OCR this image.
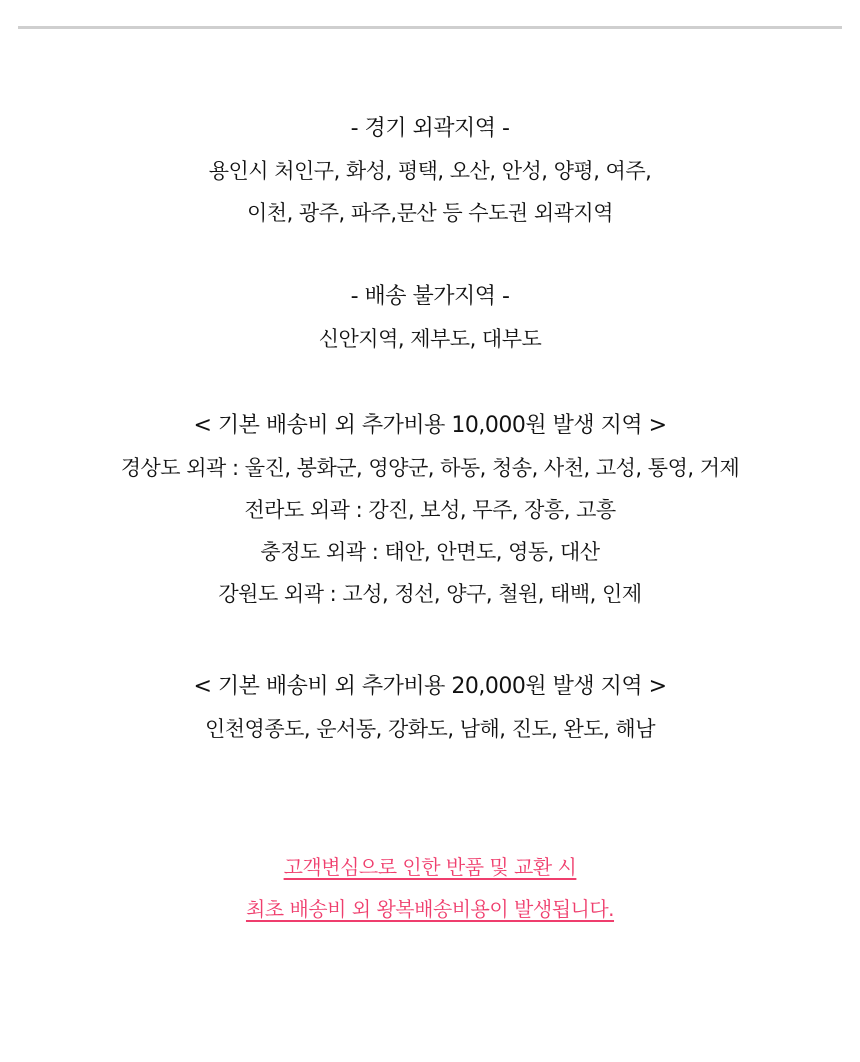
- 경기 외곽지역 -
용인시 처인구, 화성, 평택, 오산, 안성, 양평, 여주,
이천, 광주, 파주,문산 등 수도권 외곽지역
- 배송 불가지역 -
신안지역, 제부도, 대부도
< 기본 배송비 외 추가비용 10,000원 발생 지역 >
경상도 외곽 : 울진, 봉화군, 영양군, 하동, 청송, 사천, 고성, 통영, 거제
전라도 외곽 : 강진, 보성, 무주, 장흥, 고흥
충정도 외곽 : 태안, 안면도, 영동, 대산
강원도 외곽 : 고성, 정선, 양구, 철원, 태백, 인제
< 기본 배송비 외 추가비용 20,000원 발생 지역 >
인천영종도, 운서동, 강화도, 남해, 진도, 완도, 해남
고객변심으로 인한 반품 및 교환 시
최초 배송비 외 왕복배송비용이 발생됩니다.
